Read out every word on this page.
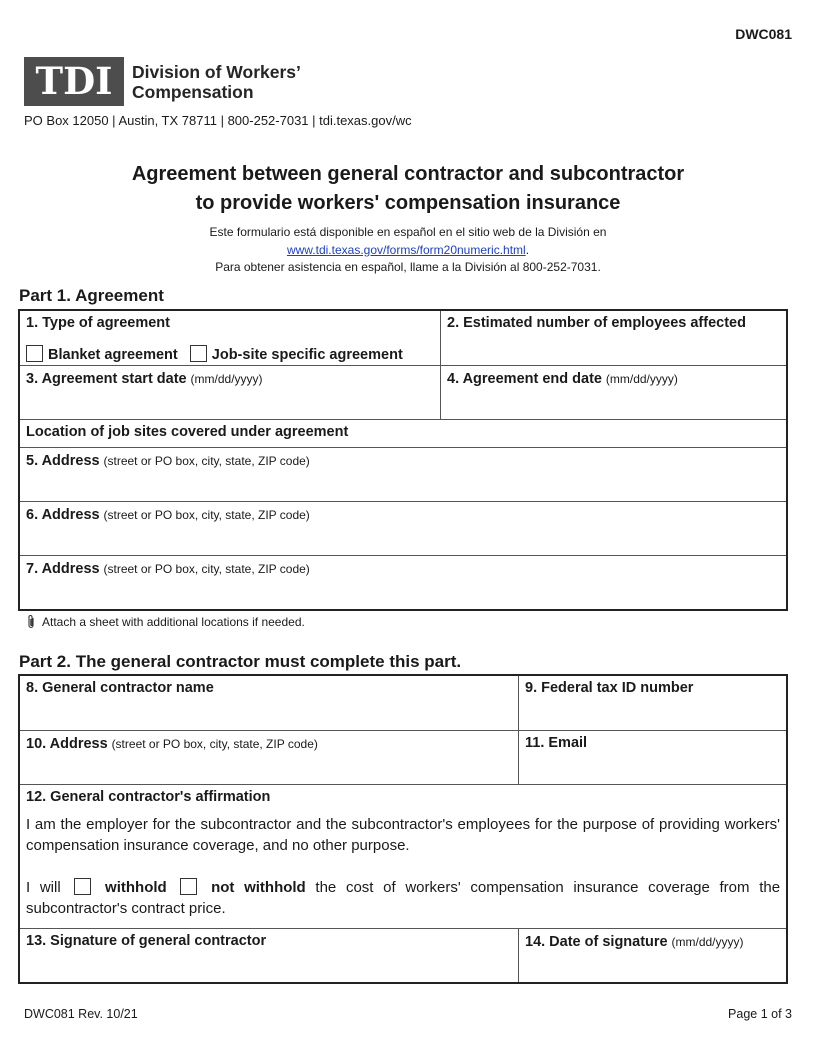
DWC081
TDI Division of Workers’
Compensation
PO Box 12050 | Austin, TX 78711 | 800-252-7031 | tdi.texas.gov/wc
Agreement between general contractor and subcontractor
to provide workers' compensation insurance
Este formulario está disponible en español en el sitio web de la División en
www.tdi.texas.gov/forms/form20numeric.html.
Para obtener asistencia en español, llame a la División al 800-252-7031.
Part 1. Agreement
1. Type of agreement
Blanket agreement Job-site specific agreement
2. Estimated number of employees affected
3. Agreement start date (mm/dd/yyyy)	4. Agreement end date (mm/dd/yyyy)
Location of job sites covered under agreement
5. Address (street or PO box, city, state, ZIP code)
6. Address (street or PO box, city, state, ZIP code)
7. Address (street or PO box, city, state, ZIP code)
Attach a sheet with additional locations if needed.
Part 2. The general contractor must complete this part.
8. General contractor name	9. Federal tax ID number
10. Address (street or PO box, city, state, ZIP code)	11. Email
12. General contractor's affirmation
I am the employer for the subcontractor and the subcontractor's employees for the purpose of providing workers' compensation insurance coverage, and no other purpose.
I will	withhold	not withhold the cost of workers' compensation insurance coverage from the subcontractor's contract price.
13. Signature of general contractor	14. Date of signature (mm/dd/yyyy)
DWC081 Rev. 10/21	Page 1 of 3
